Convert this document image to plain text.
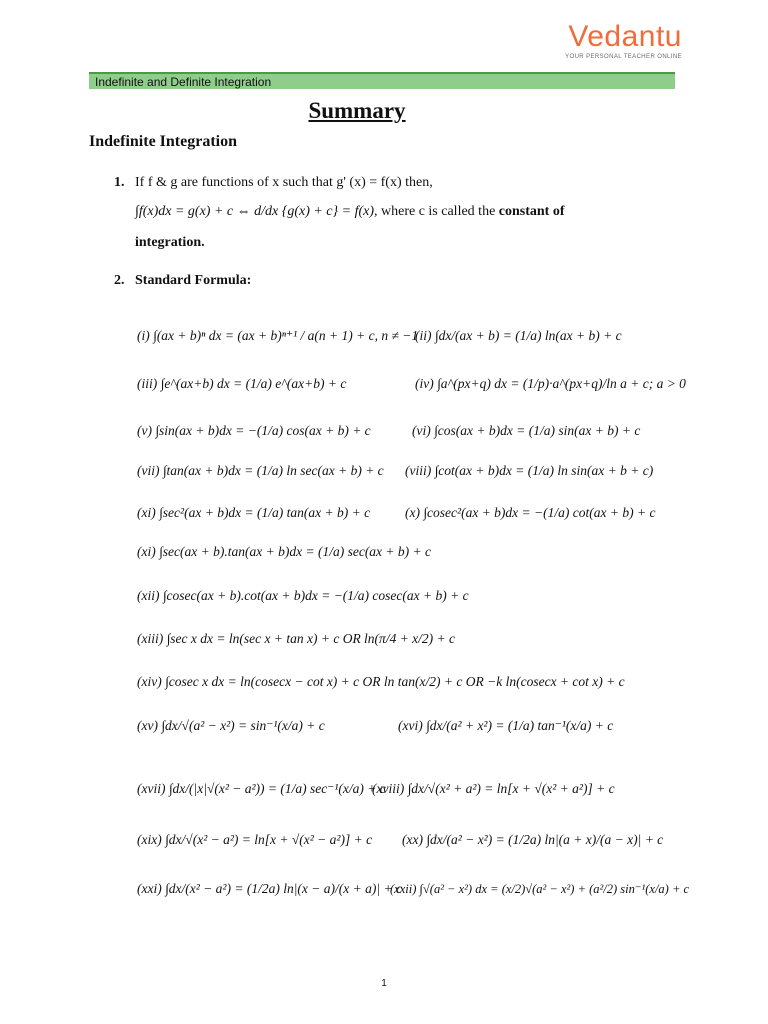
Vedantu
YOUR PERSONAL TEACHER ONLINE
Indefinite and Definite Integration
Summary
Indefinite Integration
1. If f & g are functions of x such that g' (x) = f(x) then,
∫f(x)dx = g(x) + c ⇔ d/dx {g(x) + c} = f(x), where c is called the constant of
integration.
2. Standard Formula:
(i) ∫(ax + b)ⁿ dx = (ax + b)ⁿ⁺¹ / a(n + 1) + c, n ≠ −1
(ii) ∫dx/(ax + b) = (1/a) ln(ax + b) + c
(iii) ∫e^(ax+b) dx = (1/a) e^(ax+b) + c	(iv) ∫a^(px+q) dx = (1/p)·a^(px+q)/ln a + c; a > 0
(v) ∫sin(ax + b)dx = −(1/a) cos(ax + b) + c	(vi) ∫cos(ax + b)dx = (1/a) sin(ax + b) + c
(vii) ∫tan(ax + b)dx = (1/a) ln sec(ax + b) + c (viii) ∫cot(ax + b)dx = (1/a) ln sin(ax + b + c)
(xi) ∫sec²(ax + b)dx = (1/a) tan(ax + b) + c	(x) ∫cosec²(ax + b)dx = −(1/a) cot(ax + b) + c
(xi) ∫sec(ax + b).tan(ax + b)dx = (1/a) sec(ax + b) + c
(xii) ∫cosec(ax + b).cot(ax + b)dx = −(1/a) cosec(ax + b) + c
(xiii) ∫sec x dx = ln(sec x + tan x) + c OR ln(π/4 + x/2) + c
(xiv) ∫cosec x dx = ln(cosecx − cot x) + c OR ln tan(x/2) + c OR −k ln(cosecx + cot x) + c
(xv) ∫dx/√(a² − x²) = sin⁻¹(x/a) + c	(xvi) ∫dx/(a² + x²) = (1/a) tan⁻¹(x/a) + c
(xvii) ∫dx/(|x|√(x² − a²)) = (1/a) sec⁻¹(x/a) + c
(xviii) ∫dx/√(x² + a²) = ln[x + √(x² + a²)] + c
(xix) ∫dx/√(x² − a²) = ln[x + √(x² − a²)] + c (xx) ∫dx/(a² − x²) = (1/2a) ln|(a + x)/(a − x)| + c
(xxi) ∫dx/(x² − a²) = (1/2a) ln|(x − a)/(x + a)| + c
(xxii) ∫√(a² − x²) dx = (x/2)√(a² − x²) + (a²/2) sin⁻¹(x/a) + c
1
